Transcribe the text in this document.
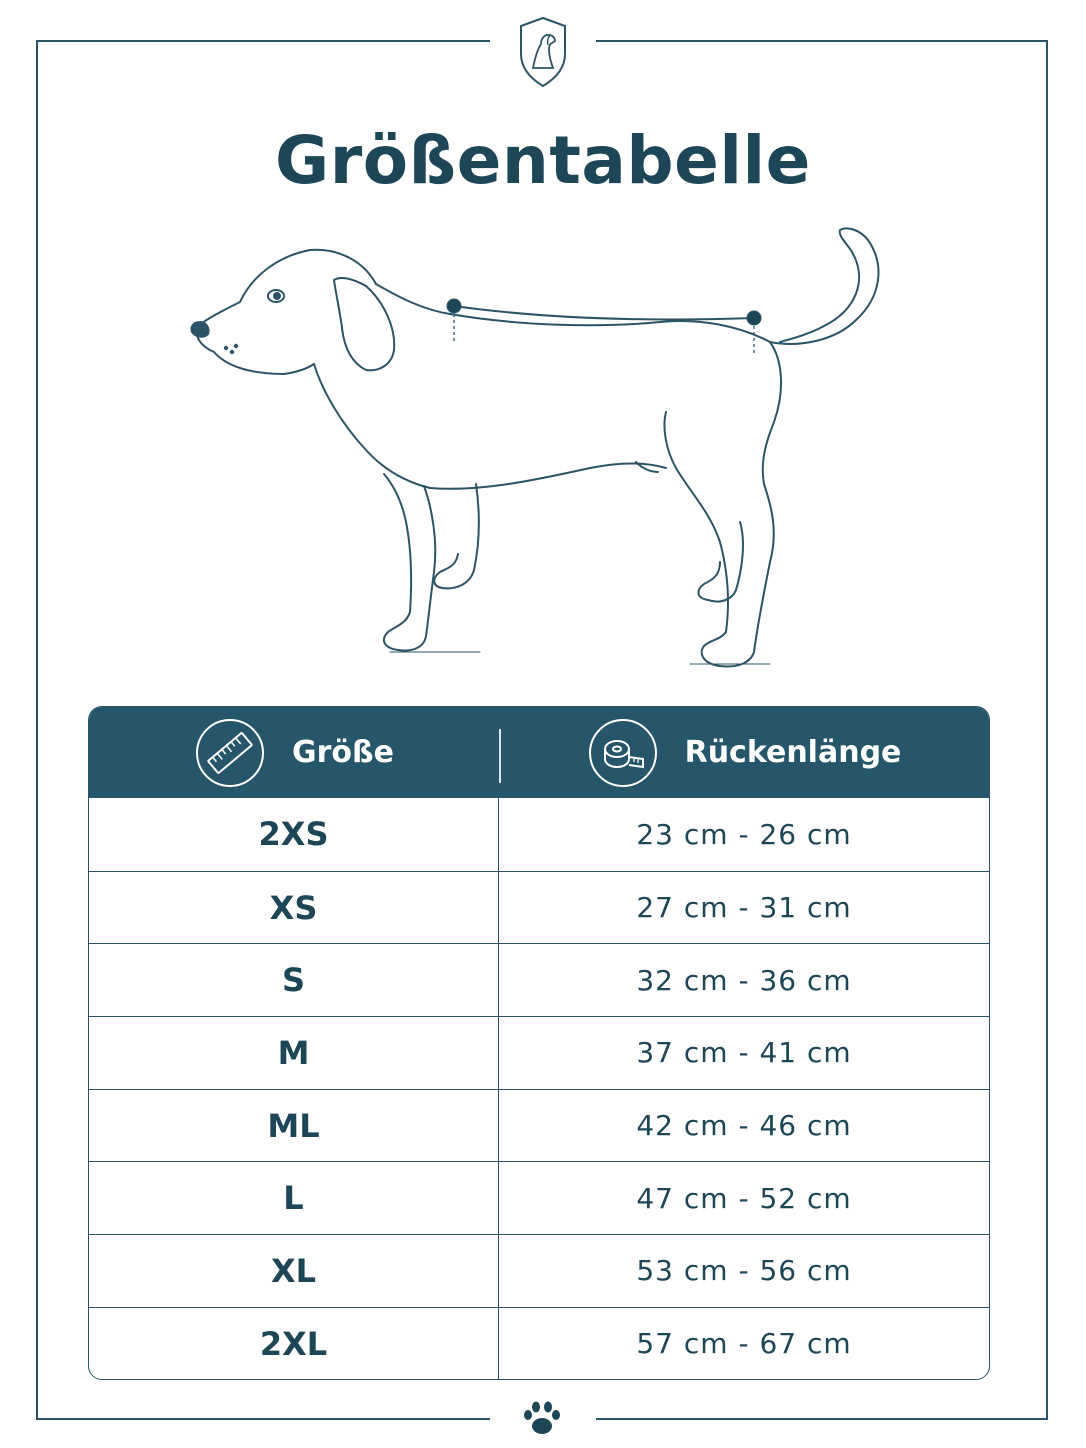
Größentabelle
Größe	Rückenlänge
2XS	23 cm - 26 cm
XS	27 cm - 31 cm
S	32 cm - 36 cm
M	37 cm - 41 cm
ML	42 cm - 46 cm
L	47 cm - 52 cm
XL	53 cm - 56 cm
2XL	57 cm - 67 cm
